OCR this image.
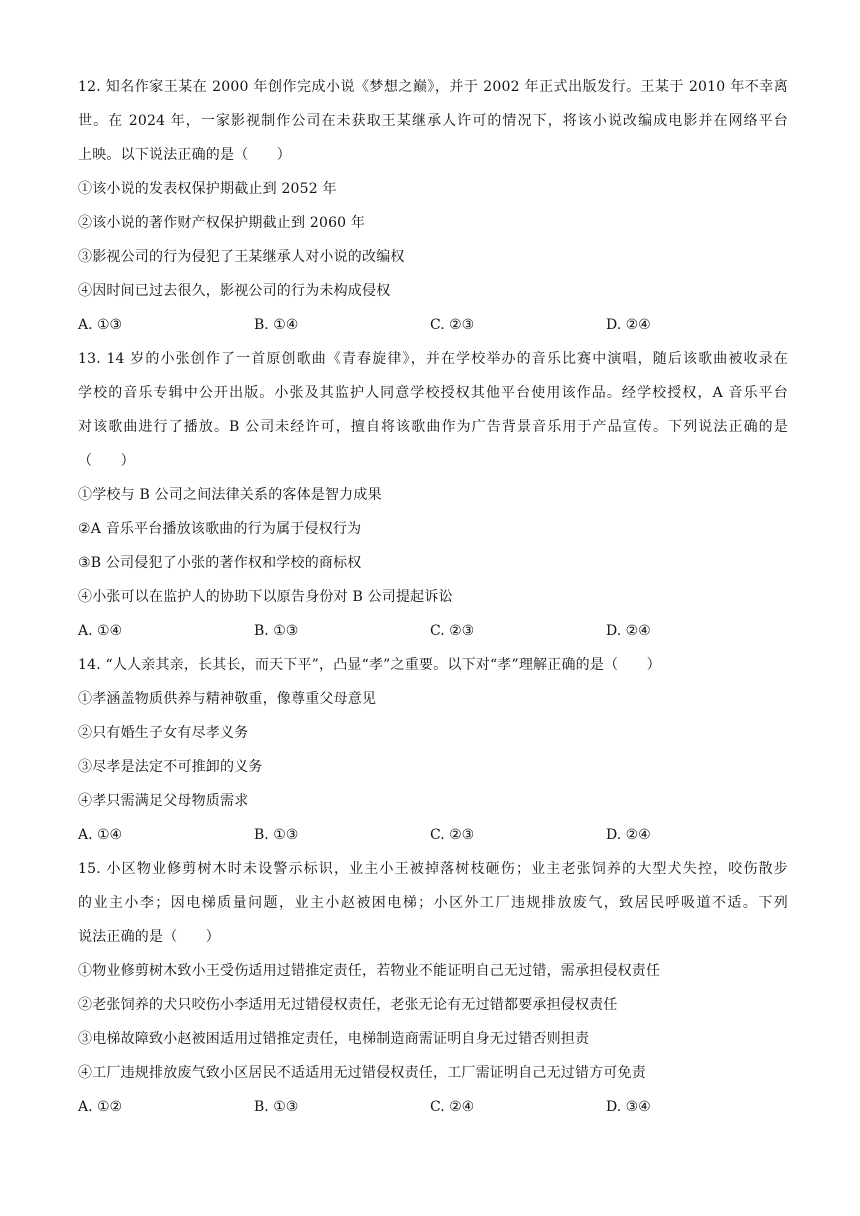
12. 知名作家王某在 2000 年创作完成小说《梦想之巅》，并于 2002 年正式出版发行。王某于 2010 年不幸离
世。在 2024 年，一家影视制作公司在未获取王某继承人许可的情况下，将该小说改编成电影并在网络平台
上映。以下说法正确的是（　　）
①该小说的发表权保护期截止到 2052 年
②该小说的著作财产权保护期截止到 2060 年
③影视公司的行为侵犯了王某继承人对小说的改编权
④因时间已过去很久，影视公司的行为未构成侵权
A. ①③	B. ①④	C. ②③	D. ②④
13. 14 岁的小张创作了一首原创歌曲《青春旋律》，并在学校举办的音乐比赛中演唱，随后该歌曲被收录在
学校的音乐专辑中公开出版。小张及其监护人同意学校授权其他平台使用该作品。经学校授权，A 音乐平台
对该歌曲进行了播放。B 公司未经许可，擅自将该歌曲作为广告背景音乐用于产品宣传。下列说法正确的是
（　　）
①学校与 B 公司之间法律关系的客体是智力成果
②A 音乐平台播放该歌曲的行为属于侵权行为
③B 公司侵犯了小张的著作权和学校的商标权
④小张可以在监护人的协助下以原告身份对 B 公司提起诉讼
A. ①④	B. ①③	C. ②③	D. ②④
14. “人人亲其亲，长其长，而天下平”，凸显“孝”之重要。以下对“孝”理解正确的是（　　）
①孝涵盖物质供养与精神敬重，像尊重父母意见
②只有婚生子女有尽孝义务
③尽孝是法定不可推卸的义务
④孝只需满足父母物质需求
A. ①④	B. ①③	C. ②③	D. ②④
15. 小区物业修剪树木时未设警示标识，业主小王被掉落树枝砸伤；业主老张饲养的大型犬失控，咬伤散步
的业主小李；因电梯质量问题，业主小赵被困电梯；小区外工厂违规排放废气，致居民呼吸道不适。下列
说法正确的是（　　）
①物业修剪树木致小王受伤适用过错推定责任，若物业不能证明自己无过错，需承担侵权责任
②老张饲养的犬只咬伤小李适用无过错侵权责任，老张无论有无过错都要承担侵权责任
③电梯故障致小赵被困适用过错推定责任，电梯制造商需证明自身无过错否则担责
④工厂违规排放废气致小区居民不适适用无过错侵权责任，工厂需证明自己无过错方可免责
A. ①②	B. ①③	C. ②④	D. ③④
